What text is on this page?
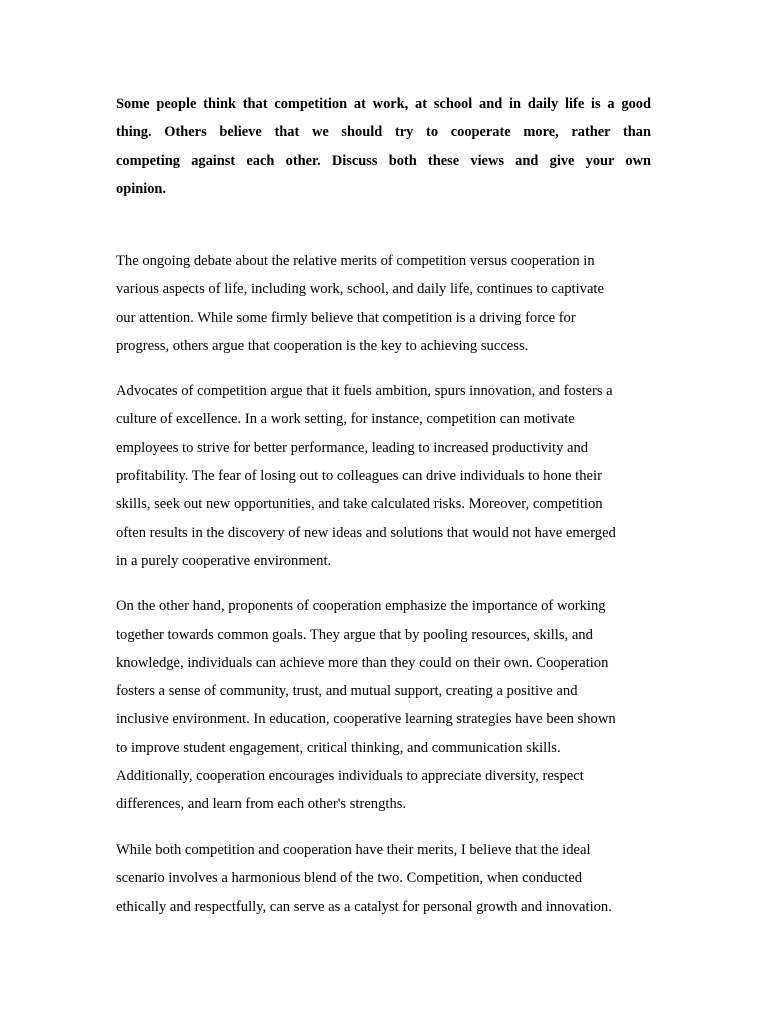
Some people think that competition at work, at school and in daily life is a good
thing. Others believe that we should try to cooperate more, rather than
competing against each other. Discuss both these views and give your own
opinion.
The ongoing debate about the relative merits of competition versus cooperation in
various aspects of life, including work, school, and daily life, continues to captivate
our attention. While some firmly believe that competition is a driving force for
progress, others argue that cooperation is the key to achieving success.
Advocates of competition argue that it fuels ambition, spurs innovation, and fosters a
culture of excellence. In a work setting, for instance, competition can motivate
employees to strive for better performance, leading to increased productivity and
profitability. The fear of losing out to colleagues can drive individuals to hone their
skills, seek out new opportunities, and take calculated risks. Moreover, competition
often results in the discovery of new ideas and solutions that would not have emerged
in a purely cooperative environment.
On the other hand, proponents of cooperation emphasize the importance of working
together towards common goals. They argue that by pooling resources, skills, and
knowledge, individuals can achieve more than they could on their own. Cooperation
fosters a sense of community, trust, and mutual support, creating a positive and
inclusive environment. In education, cooperative learning strategies have been shown
to improve student engagement, critical thinking, and communication skills.
Additionally, cooperation encourages individuals to appreciate diversity, respect
differences, and learn from each other's strengths.
While both competition and cooperation have their merits, I believe that the ideal
scenario involves a harmonious blend of the two. Competition, when conducted
ethically and respectfully, can serve as a catalyst for personal growth and innovation.
